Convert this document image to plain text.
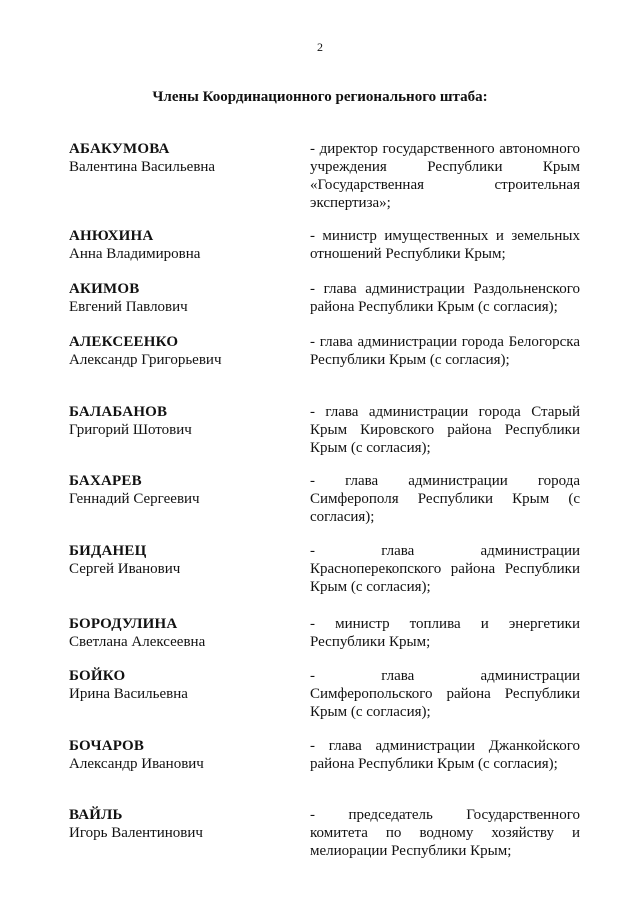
2
Члены Координационного регионального штаба:
АБАКУМОВА
Валентина Васильевна
- директор государственного автономного учреждения Республики Крым «Государственная строительная экспертиза»;
АНЮХИНА
Анна Владимировна
- министр имущественных и земельных отношений Республики Крым;
АКИМОВ
Евгений Павлович
- глава администрации Раздольненского района Республики Крым (с согласия);
АЛЕКСЕЕНКО
Александр Григорьевич
- глава администрации города Белогорска Республики Крым (с согласия);
БАЛАБАНОВ
Григорий Шотович
- глава администрации города Старый Крым Кировского района Республики Крым (с согласия);
БАХАРЕВ
Геннадий Сергеевич
- глава администрации города Симферополя Республики Крым (с согласия);
БИДАНЕЦ
Сергей Иванович
- глава администрации Красноперекопского района Республики Крым (с согласия);
БОРОДУЛИНА
Светлана Алексеевна
- министр топлива и энергетики Республики Крым;
БОЙКО
Ирина Васильевна
- глава администрации Симферопольского района Республики Крым (с согласия);
БОЧАРОВ
Александр Иванович
- глава администрации Джанкойского района Республики Крым (с согласия);
ВАЙЛЬ
Игорь Валентинович
- председатель Государственного комитета по водному хозяйству и мелиорации Республики Крым;
